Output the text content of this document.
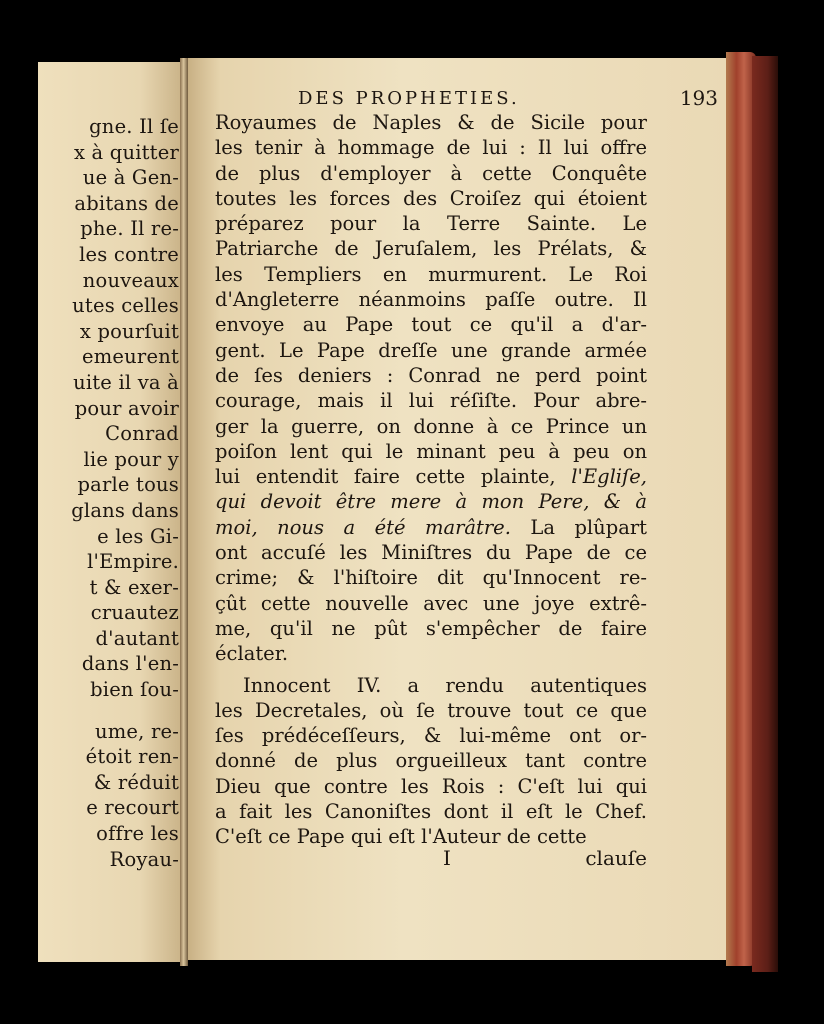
gne. Il ſe
x à quitter
ue à Gen-
abitans de
phe. Il re-
les contre
nouveaux
utes celles
x pourſuit
emeurent
uite il va à
pour avoir
Conrad
lie pour y
parle tous
glans dans
e les Gi-
l'Empire.
t & exer-
cruautez
d'autant
dans l'en-
bien ſou-
ume, re-
étoit ren-
& réduit
e recourt
offre les
Royau-
DES PROPHETIES.	193

Royaumes de Naples & de Sicile pour
les tenir à hommage de lui : Il lui offre
de plus d'employer à cette Conquête
toutes les forces des Croiſez qui étoient
préparez pour la Terre Sainte. Le
Patriarche de Jeruſalem, les Prélats, &
les Templiers en murmurent. Le Roi
d'Angleterre néanmoins paſſe outre. Il
envoye au Pape tout ce qu'il a d'ar-
gent. Le Pape dreſſe une grande armée
de ſes deniers : Conrad ne perd point
courage, mais il lui réſiſte. Pour abre-
ger la guerre, on donne à ce Prince un
poiſon lent qui le minant peu à peu on
lui entendit faire cette plainte, l'Egliſe,
qui devoit être mere à mon Pere, & à
moi, nous a été marâtre. La plûpart
ont accuſé les Miniſtres du Pape de ce
crime; & l'hiſtoire dit qu'Innocent re-
çût cette nouvelle avec une joye extrê-
me, qu'il ne pût s'empêcher de faire
éclater.

Innocent IV. a rendu autentiques
les Decretales, où ſe trouve tout ce que
ſes prédéceſſeurs, & lui-même ont or-
donné de plus orgueilleux tant contre
Dieu que contre les Rois : C'eſt lui qui
a fait les Canoniſtes dont il eſt le Chef.
C'eſt ce Pape qui eſt l'Auteur de cette

I	clauſe
